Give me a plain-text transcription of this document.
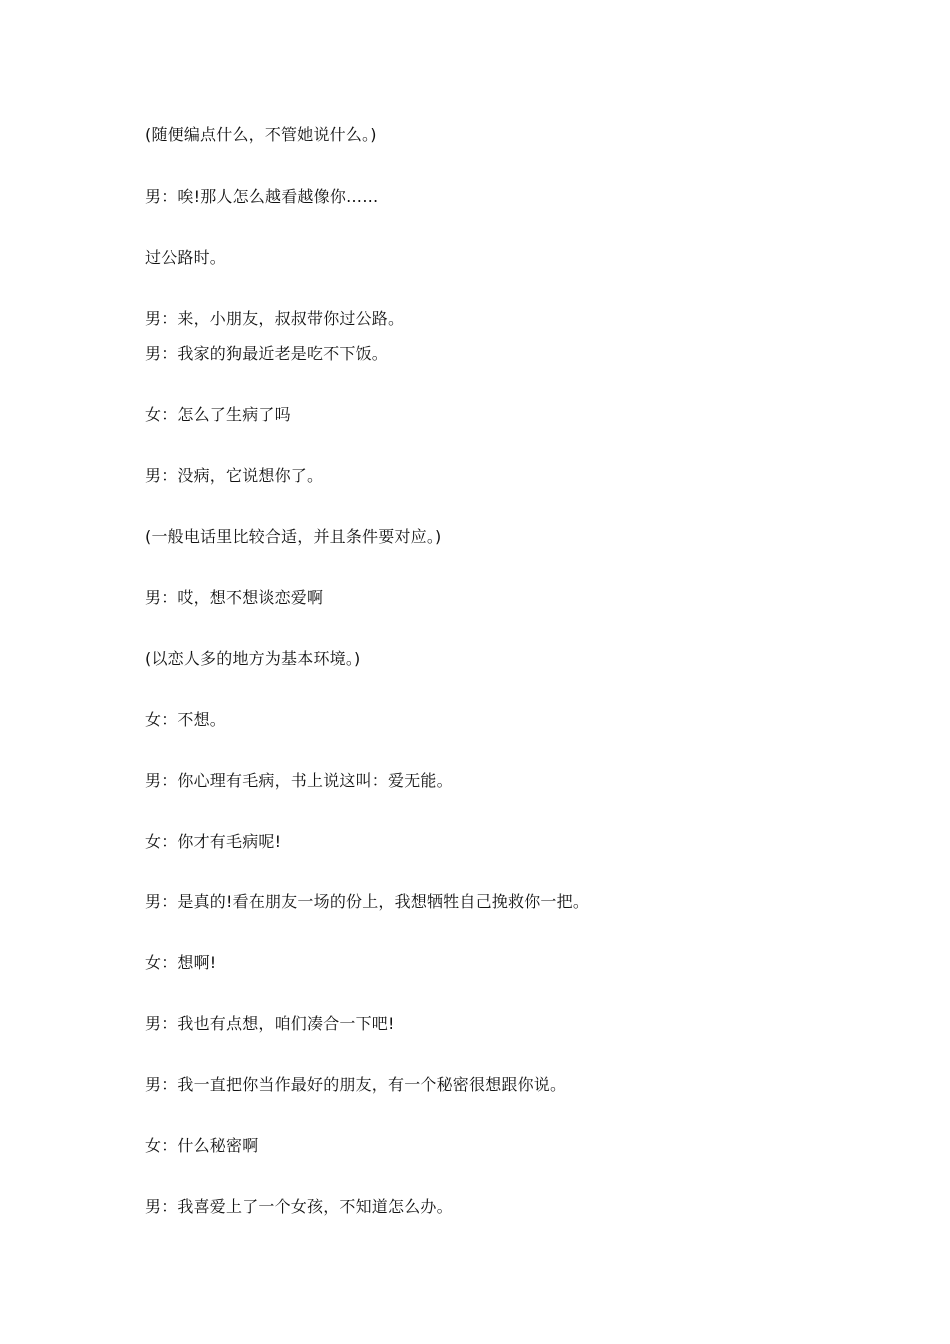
(随便编点什么，不管她说什么。)
男：唉!那人怎么越看越像你……
过公路时。
男：来，小朋友，叔叔带你过公路。
男：我家的狗最近老是吃不下饭。
女：怎么了生病了吗
男：没病，它说想你了。
(一般电话里比较合适，并且条件要对应。)
男：哎，想不想谈恋爱啊
(以恋人多的地方为基本环境。)
女：不想。
男：你心理有毛病，书上说这叫：爱无能。
女：你才有毛病呢!
男：是真的!看在朋友一场的份上，我想牺牲自己挽救你一把。
女：想啊!
男：我也有点想，咱们凑合一下吧!
男：我一直把你当作最好的朋友，有一个秘密很想跟你说。
女：什么秘密啊
男：我喜爱上了一个女孩，不知道怎么办。
